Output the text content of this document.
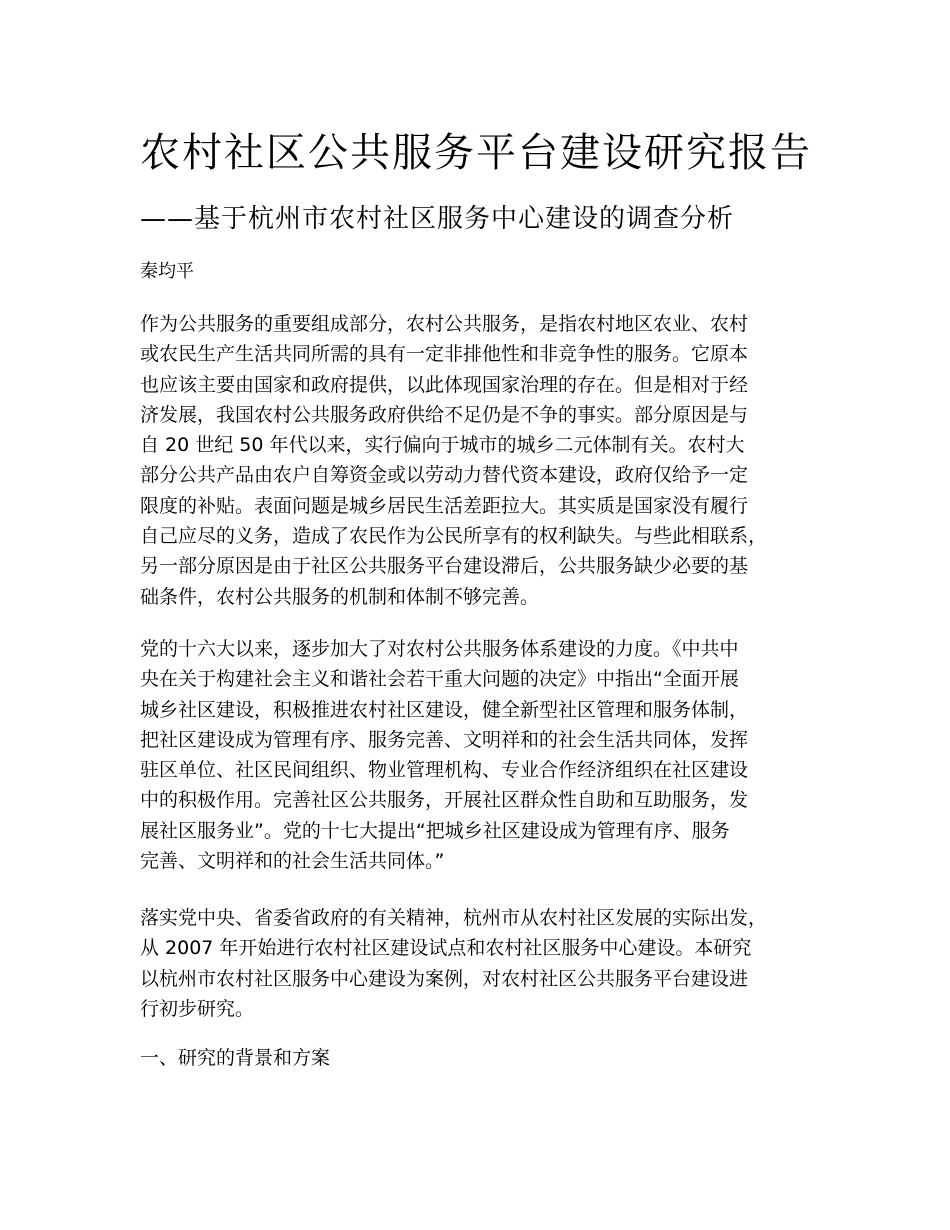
农村社区公共服务平台建设研究报告
——基于杭州市农村社区服务中心建设的调查分析
秦均平

作为公共服务的重要组成部分，农村公共服务，是指农村地区农业、农村
或农民生产生活共同所需的具有一定非排他性和非竞争性的服务。它原本
也应该主要由国家和政府提供，以此体现国家治理的存在。但是相对于经
济发展，我国农村公共服务政府供给不足仍是不争的事实。部分原因是与
自 20 世纪 50 年代以来，实行偏向于城市的城乡二元体制有关。农村大
部分公共产品由农户自筹资金或以劳动力替代资本建设，政府仅给予一定
限度的补贴。表面问题是城乡居民生活差距拉大。其实质是国家没有履行
自己应尽的义务，造成了农民作为公民所享有的权利缺失。与些此相联系，
另一部分原因是由于社区公共服务平台建设滞后，公共服务缺少必要的基
础条件，农村公共服务的机制和体制不够完善。

党的十六大以来，逐步加大了对农村公共服务体系建设的力度。《中共中
央在关于构建社会主义和谐社会若干重大问题的决定》中指出“全面开展
城乡社区建设，积极推进农村社区建设，健全新型社区管理和服务体制，
把社区建设成为管理有序、服务完善、文明祥和的社会生活共同体，发挥
驻区单位、社区民间组织、物业管理机构、专业合作经济组织在社区建设
中的积极作用。完善社区公共服务，开展社区群众性自助和互助服务，发
展社区服务业”。党的十七大提出“把城乡社区建设成为管理有序、服务
完善、文明祥和的社会生活共同体。”

落实党中央、省委省政府的有关精神，杭州市从农村社区发展的实际出发，
从 2007 年开始进行农村社区建设试点和农村社区服务中心建设。本研究
以杭州市农村社区服务中心建设为案例，对农村社区公共服务平台建设进
行初步研究。

一、研究的背景和方案
